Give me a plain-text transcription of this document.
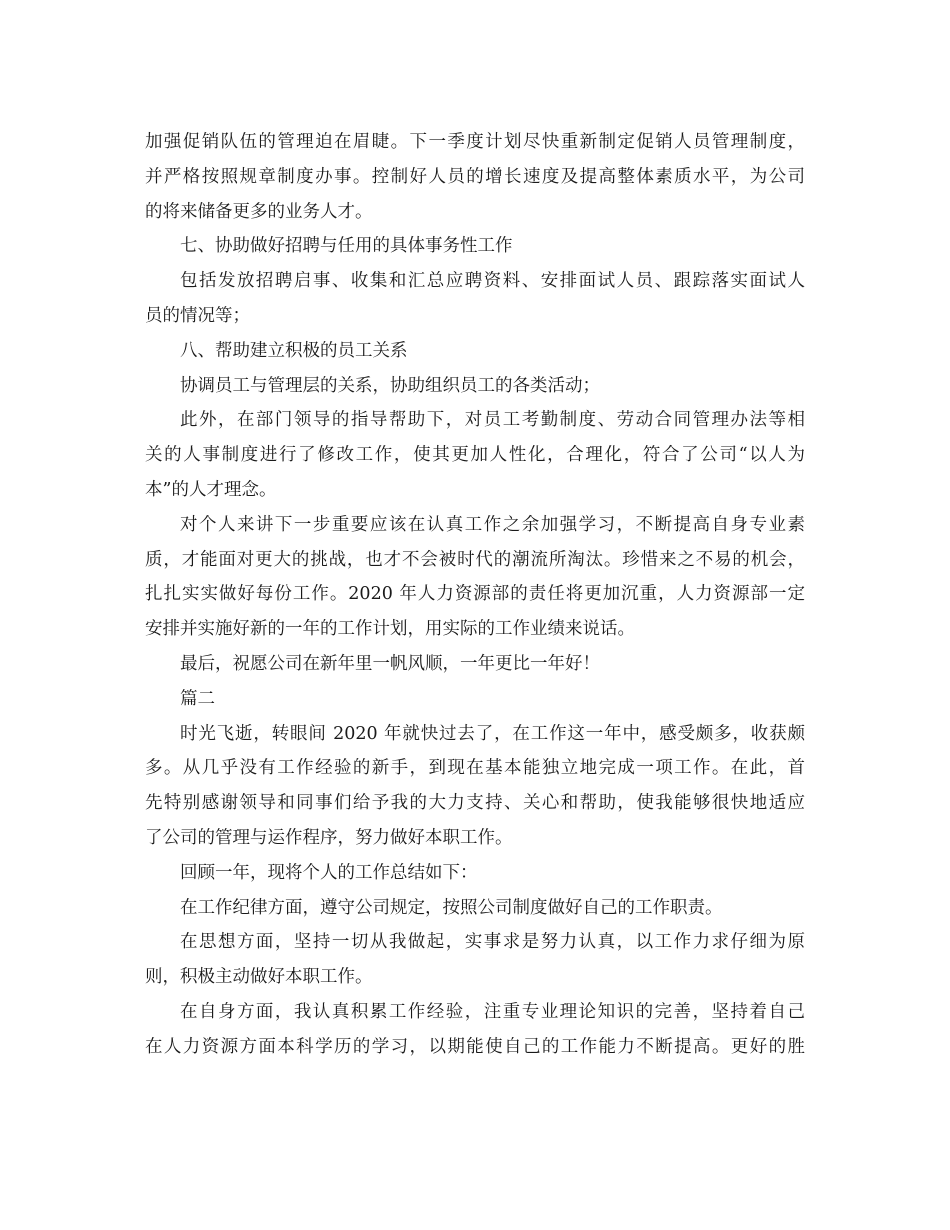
加强促销队伍的管理迫在眉睫。下一季度计划尽快重新制定促销人员管理制度，
并严格按照规章制度办事。控制好人员的增长速度及提高整体素质水平，为公司
的将来储备更多的业务人才。
七、协助做好招聘与任用的具体事务性工作
包括发放招聘启事、收集和汇总应聘资料、安排面试人员、跟踪落实面试人
员的情况等；
八、帮助建立积极的员工关系
协调员工与管理层的关系，协助组织员工的各类活动；
此外，在部门领导的指导帮助下，对员工考勤制度、劳动合同管理办法等相
关的人事制度进行了修改工作，使其更加人性化，合理化，符合了公司“以人为
本”的人才理念。
对个人来讲下一步重要应该在认真工作之余加强学习，不断提高自身专业素
质，才能面对更大的挑战，也才不会被时代的潮流所淘汰。珍惜来之不易的机会，
扎扎实实做好每份工作。2020 年人力资源部的责任将更加沉重，人力资源部一定
安排并实施好新的一年的工作计划，用实际的工作业绩来说话。
最后，祝愿公司在新年里一帆风顺，一年更比一年好！
篇二
时光飞逝，转眼间 2020 年就快过去了，在工作这一年中，感受颇多，收获颇
多。从几乎没有工作经验的新手，到现在基本能独立地完成一项工作。在此，首
先特别感谢领导和同事们给予我的大力支持、关心和帮助，使我能够很快地适应
了公司的管理与运作程序，努力做好本职工作。
回顾一年，现将个人的工作总结如下：
在工作纪律方面，遵守公司规定，按照公司制度做好自己的工作职责。
在思想方面，坚持一切从我做起，实事求是努力认真，以工作力求仔细为原
则，积极主动做好本职工作。
在自身方面，我认真积累工作经验，注重专业理论知识的完善，坚持着自己
在人力资源方面本科学历的学习，以期能使自己的工作能力不断提高。更好的胜
